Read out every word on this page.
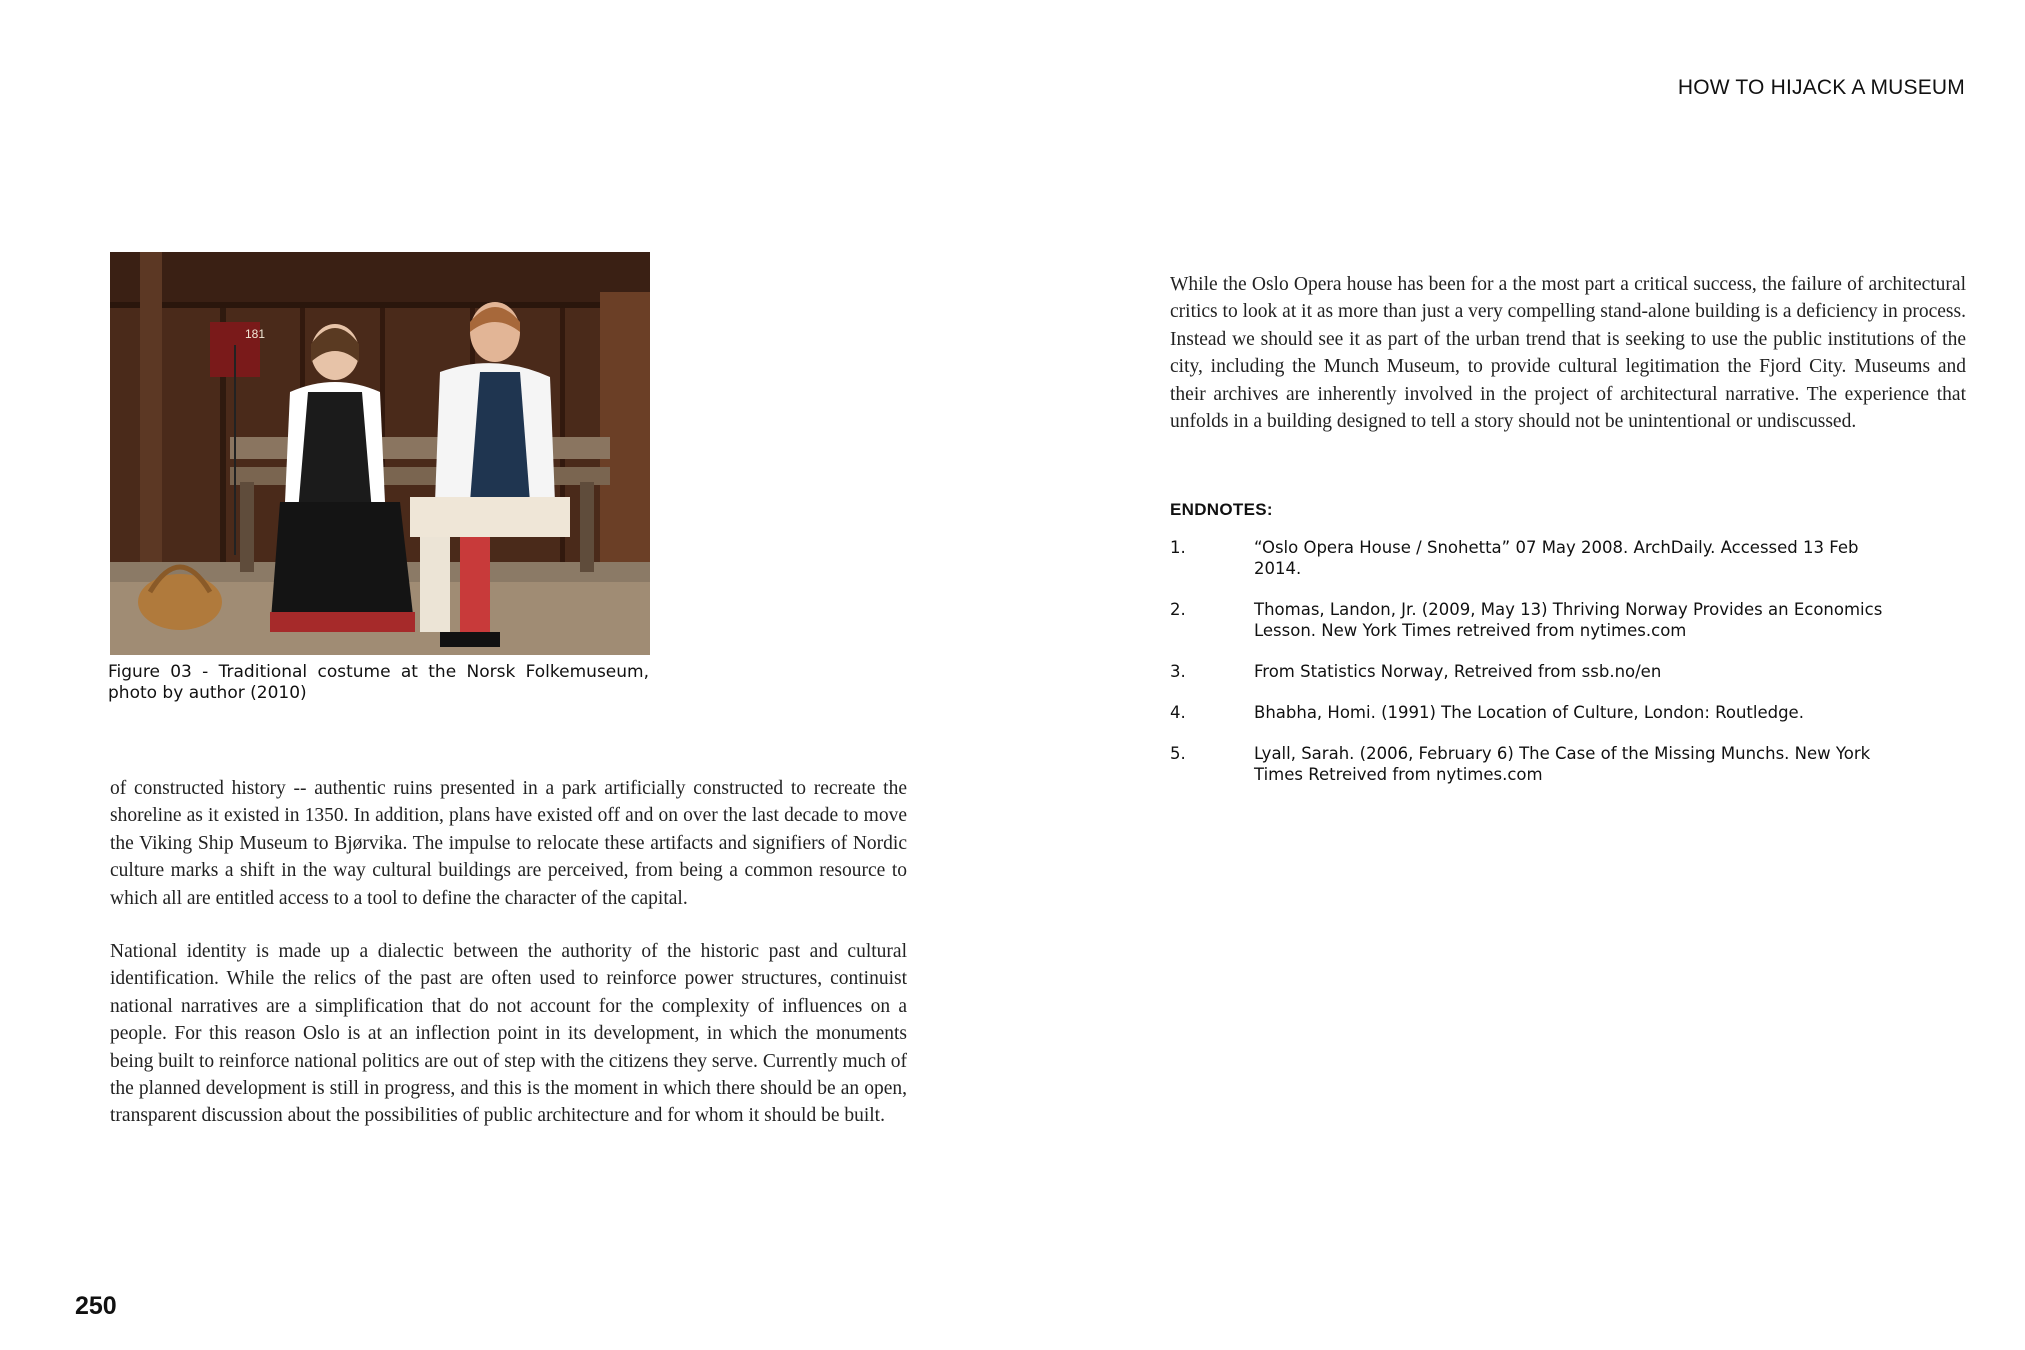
HOW TO HIJACK A MUSEUM
181
Figure 03 - Traditional costume at the Norsk Folkemuseum, photo by author (2010)

of constructed history -- authentic ruins presented in a park artificially constructed to recreate the shoreline as it existed in 1350. In addition, plans have existed off and on over the last decade to move the Viking Ship Museum to Bjørvika. The impulse to relocate these artifacts and signifiers of Nordic culture marks a shift in the way cultural buildings are perceived, from being a common resource to which all are entitled access to a tool to define the character of the capital.

National identity is made up a dialectic between the authority of the historic past and cultural identification. While the relics of the past are often used to reinforce power structures, continuist national narratives are a simplification that do not account for the complexity of influences on a people. For this reason Oslo is at an inflection point in its development, in which the monuments being built to reinforce national politics are out of step with the citizens they serve. Currently much of the planned development is still in progress, and this is the moment in which there should be an open, transparent discussion about the possibilities of public architecture and for whom it should be built.

While the Oslo Opera house has been for a the most part a critical success, the failure of architectural critics to look at it as more than just a very compelling stand-alone building is a deficiency in process. Instead we should see it as part of the urban trend that is seeking to use the public institutions of the city, including the Munch Museum, to provide cultural legitimation the Fjord City. Museums and their archives are inherently involved in the project of architectural narrative. The experience that unfolds in a building designed to tell a story should not be unintentional or undiscussed.

ENDNOTES:
1.	“Oslo Opera House / Snohetta” 07 May 2008. ArchDaily. Accessed 13 Feb 2014.
2.	Thomas, Landon, Jr. (2009, May 13) Thriving Norway Provides an Economics Lesson. New York Times retreived from nytimes.com
3.	From Statistics Norway, Retreived from ssb.no/en
4.	Bhabha, Homi. (1991) The Location of Culture, London: Routledge.
5.	Lyall, Sarah. (2006, February 6) The Case of the Missing Munchs. New York Times Retreived from nytimes.com
250
